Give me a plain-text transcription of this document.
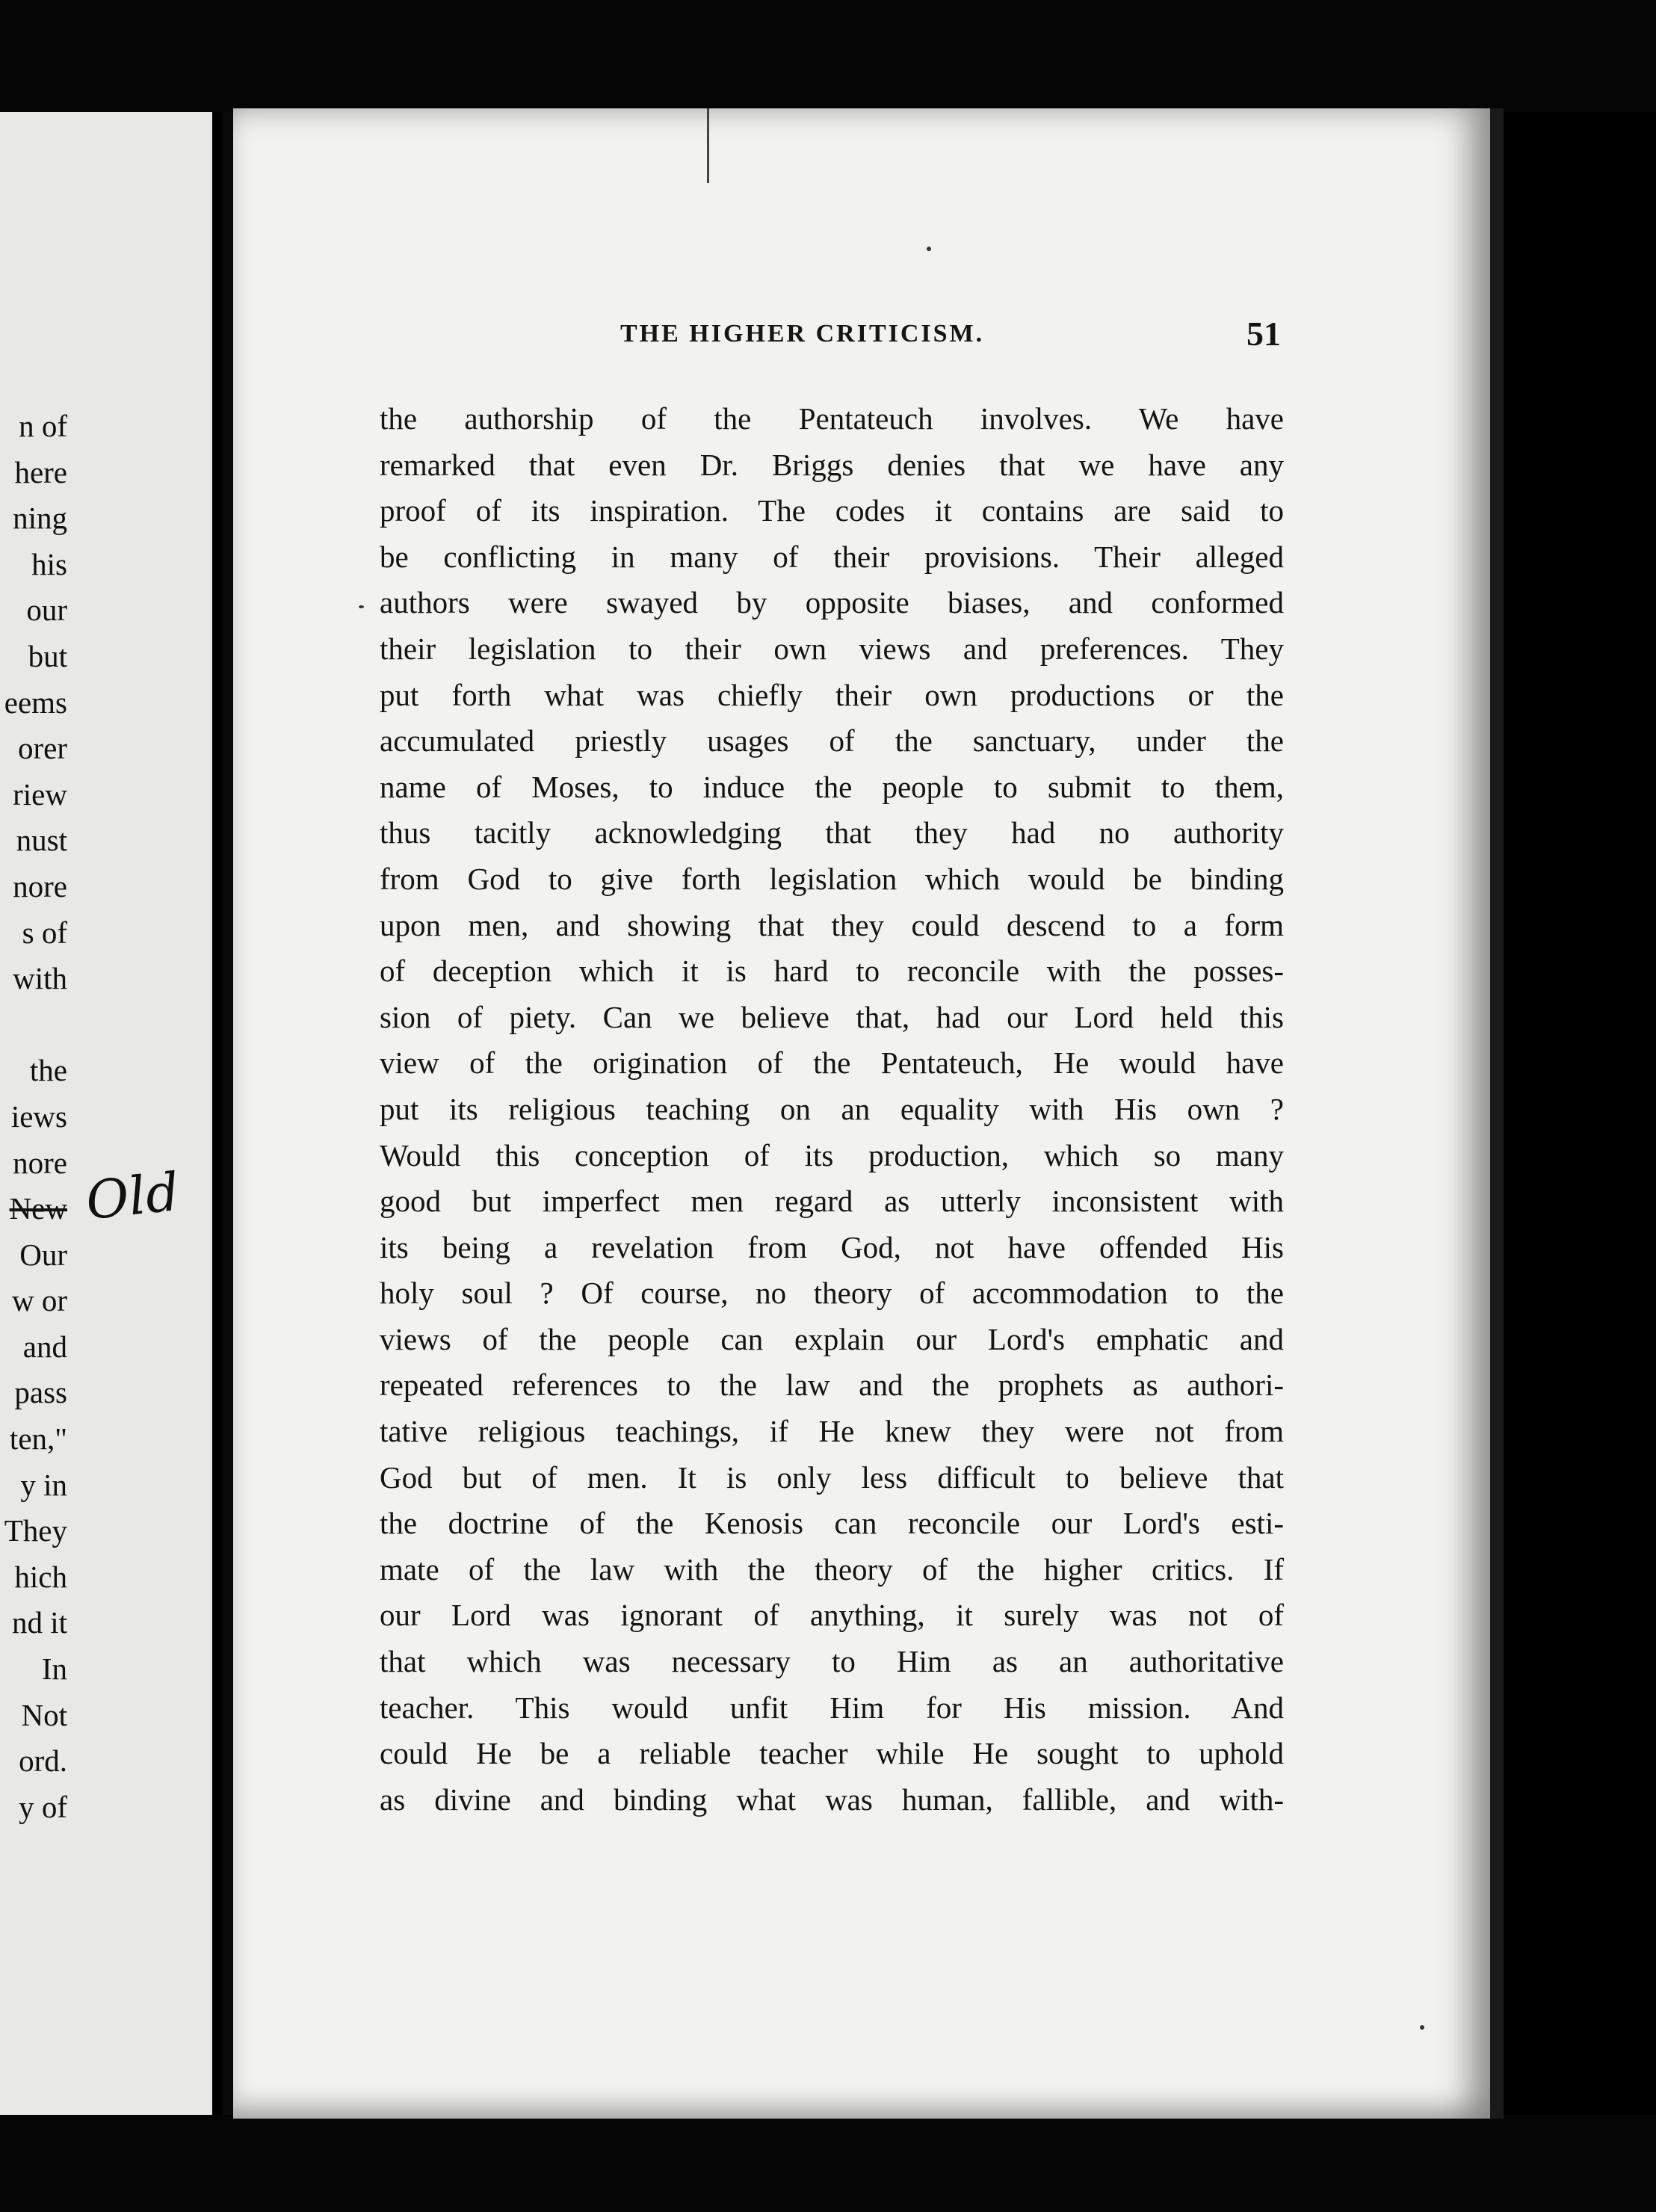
n of
here
ning
his
our
but
eems
orer
riew
nust
nore
s of
with
the
iews
nore
New
Our
w or
and
pass
ten,"
y in
They
hich
nd it
In
Not
ord.
y of
Old
THE HIGHER CRITICISM.	51
the authorship of the Pentateuch involves. We have
remarked that even Dr. Briggs denies that we have any
proof of its inspiration. The codes it contains are said to
be conflicting in many of their provisions. Their alleged
authors were swayed by opposite biases, and conformed
their legislation to their own views and preferences. They
put forth what was chiefly their own productions or the
accumulated priestly usages of the sanctuary, under the
name of Moses, to induce the people to submit to them,
thus tacitly acknowledging that they had no authority
from God to give forth legislation which would be binding
upon men, and showing that they could descend to a form
of deception which it is hard to reconcile with the posses-
sion of piety. Can we believe that, had our Lord held this
view of the origination of the Pentateuch, He would have
put its religious teaching on an equality with His own ?
Would this conception of its production, which so many
good but imperfect men regard as utterly inconsistent with
its being a revelation from God, not have offended His
holy soul ? Of course, no theory of accommodation to the
views of the people can explain our Lord's emphatic and
repeated references to the law and the prophets as authori-
tative religious teachings, if He knew they were not from
God but of men. It is only less difficult to believe that
the doctrine of the Kenosis can reconcile our Lord's esti-
mate of the law with the theory of the higher critics. If
our Lord was ignorant of anything, it surely was not of
that which was necessary to Him as an authoritative
teacher. This would unfit Him for His mission. And
could He be a reliable teacher while He sought to uphold
as divine and binding what was human, fallible, and with-
